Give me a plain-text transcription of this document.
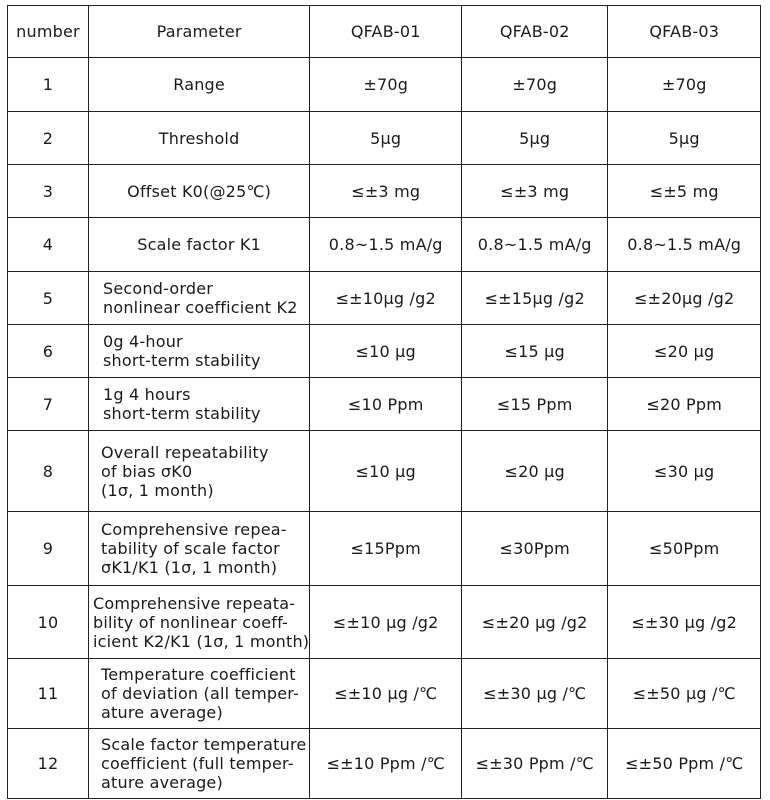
number	Parameter	QFAB-01	QFAB-02	QFAB-03
1	Range	±70g	±70g	±70g
2	Threshold	5μg	5μg	5μg
3	Offset K0(@25℃)	≤±3 mg	≤±3 mg	≤±5 mg
4	Scale factor K1	0.8~1.5 mA/g	0.8~1.5 mA/g	0.8~1.5 mA/g
5	Second-order
nonlinear coefficient K2	≤±10μg /g2	≤±15μg /g2	≤±20μg /g2
6	0g 4-hour
short-term stability	≤10 μg	≤15 μg	≤20 μg
7	1g 4 hours
short-term stability	≤10 Ppm	≤15 Ppm	≤20 Ppm
8	Overall repeatability
of bias σK0
(1σ, 1 month)	≤10 μg	≤20 μg	≤30 μg
9	Comprehensive repea-
tability of scale factor
σK1/K1 (1σ, 1 month)	≤15Ppm	≤30Ppm	≤50Ppm
10	Comprehensive repeata-
bility of nonlinear coeff-
icient K2/K1 (1σ, 1 month)	≤±10 μg /g2	≤±20 μg /g2	≤±30 μg /g2
11	Temperature coefficient
of deviation (all temper-
ature average)	≤±10 μg /℃	≤±30 μg /℃	≤±50 μg /℃
12	Scale factor temperature
coefficient (full temper-
ature average)	≤±10 Ppm /℃	≤±30 Ppm /℃	≤±50 Ppm /℃
